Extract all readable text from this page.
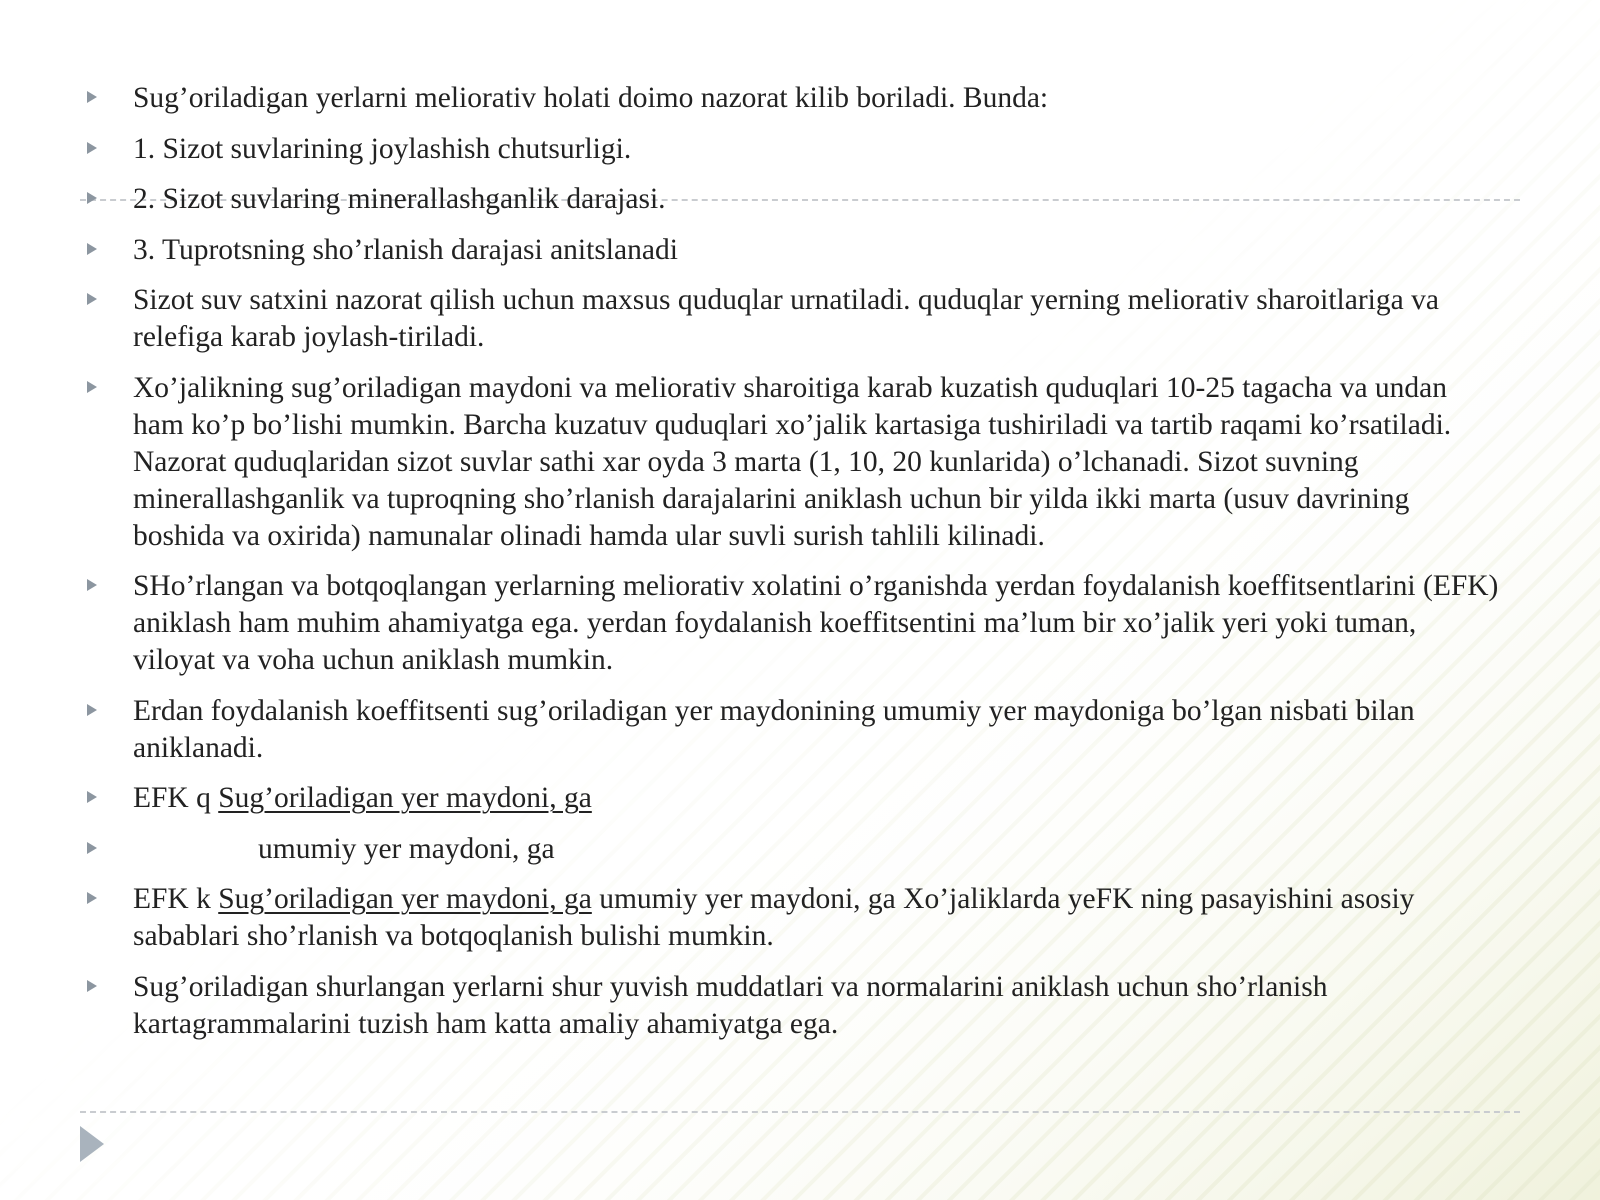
Sug’oriladigan yerlarni meliorativ holati doimo nazorat kilib boriladi. Bunda:
1. Sizot suvlarining joylashish chutsurligi.
2. Sizot suvlaring minerallashganlik darajasi.
3. Tuprotsning sho’rlanish darajasi anitslanadi
Sizot suv satxini nazorat qilish uchun maxsus quduqlar urnatiladi. quduqlar yerning meliorativ sharoitlariga va relefiga karab joylash-tiriladi.
Xo’jalikning sug’oriladigan maydoni va meliorativ sharoitiga karab kuzatish quduqlari 10-25 tagacha va undan ham ko’p bo’lishi mumkin. Barcha kuzatuv quduqlari xo’jalik kartasiga tushiriladi va tartib raqami ko’rsatiladi. Nazorat quduqlaridan sizot suvlar sathi xar oyda 3 marta (1, 10, 20 kunlarida) o’lchanadi. Sizot suvning minerallashganlik va tuproqning sho’rlanish darajalarini aniklash uchun bir yilda ikki marta (usuv davrining boshida va oxirida) namunalar olinadi hamda ular suvli surish tahlili kilinadi.
SHo’rlangan va botqoqlangan yerlarning meliorativ xolatini o’rganishda yerdan foydalanish koeffitsentlarini (EFK) aniklash ham muhim ahamiyatga ega. yerdan foydalanish koeffitsentini ma’lum bir xo’jalik yeri yoki tuman, viloyat va voha uchun aniklash mumkin.
Erdan foydalanish koeffitsenti sug’oriladigan yer maydonining umumiy yer maydoniga bo’lgan nisbati bilan aniklanadi.
EFK q Sug’oriladigan yer maydoni, ga
umumiy yer maydoni, ga
EFK k Sug’oriladigan yer maydoni, ga umumiy yer maydoni, ga Xo’jaliklarda yeFK ning pasayishini asosiy sabablari sho’rlanish va botqoqlanish bulishi mumkin.
Sug’oriladigan shurlangan yerlarni shur yuvish muddatlari va normalarini aniklash uchun sho’rlanish kartagrammalarini tuzish ham katta amaliy ahamiyatga ega.
